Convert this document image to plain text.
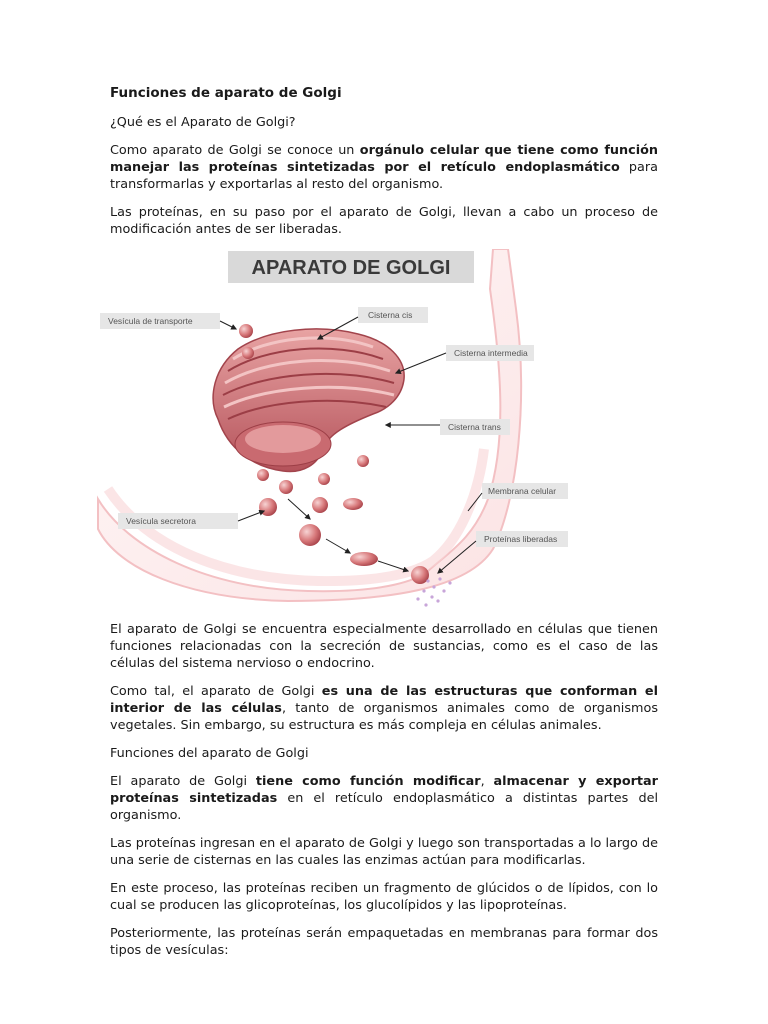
Funciones de aparato de Golgi

¿Qué es el Aparato de Golgi?

Como aparato de Golgi se conoce un orgánulo celular que tiene como función manejar las proteínas sintetizadas por el retículo endoplasmático para transformarlas y exportarlas al resto del organismo.

Las proteínas, en su paso por el aparato de Golgi, llevan a cabo un proceso de modificación antes de ser liberadas.

APARATO DE GOLGI
Vesícula de transporte
Cisterna cis
Cisterna intermedia
Cisterna trans
Membrana celular
Vesícula secretora
Proteínas liberadas

El aparato de Golgi se encuentra especialmente desarrollado en células que tienen funciones relacionadas con la secreción de sustancias, como es el caso de las células del sistema nervioso o endocrino.

Como tal, el aparato de Golgi es una de las estructuras que conforman el interior de las células, tanto de organismos animales como de organismos vegetales. Sin embargo, su estructura es más compleja en células animales.

Funciones del aparato de Golgi

El aparato de Golgi tiene como función modificar, almacenar y exportar proteínas sintetizadas en el retículo endoplasmático a distintas partes del organismo.

Las proteínas ingresan en el aparato de Golgi y luego son transportadas a lo largo de una serie de cisternas en las cuales las enzimas actúan para modificarlas.

En este proceso, las proteínas reciben un fragmento de glúcidos o de lípidos, con lo cual se producen las glicoproteínas, los glucolípidos y las lipoproteínas.

Posteriormente, las proteínas serán empaquetadas en membranas para formar dos tipos de vesículas:
